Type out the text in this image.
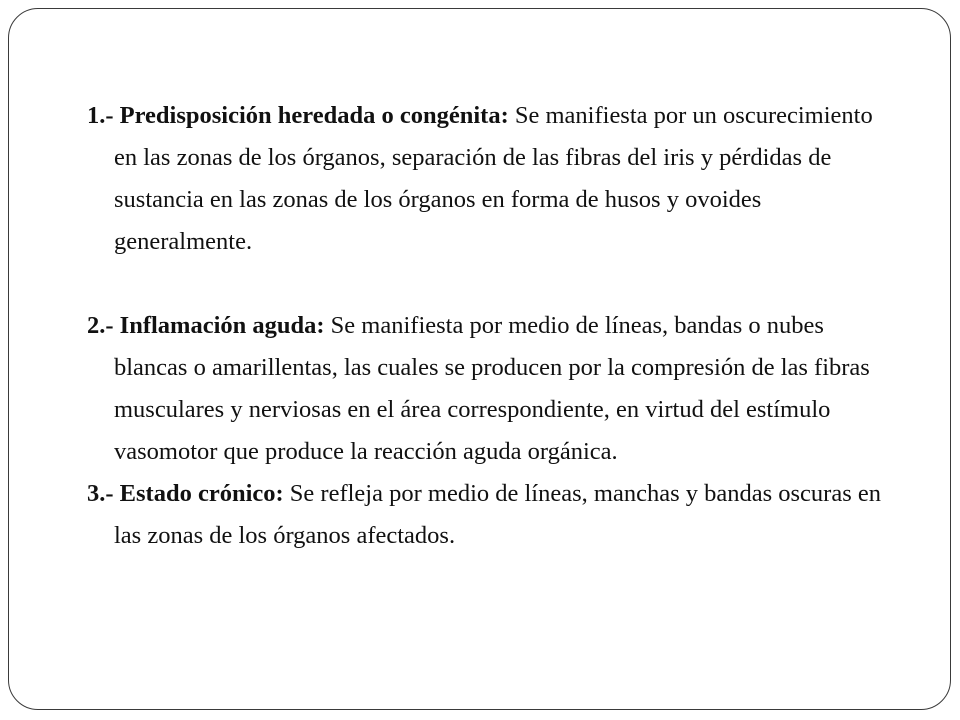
1.- Predisposición heredada o congénita: Se manifiesta por un oscurecimiento en las zonas de los órganos, separación de las fibras del iris y pérdidas de sustancia en las zonas de los órganos en forma de husos y ovoides generalmente.

2.- Inflamación aguda: Se manifiesta por medio de líneas, bandas o nubes blancas o amarillentas, las cuales se producen por la compresión de las fibras musculares y nerviosas en el área correspondiente, en virtud del estímulo vasomotor que produce la reacción aguda orgánica.

3.- Estado crónico: Se refleja por medio de líneas, manchas y bandas oscuras en las zonas de los órganos afectados.
